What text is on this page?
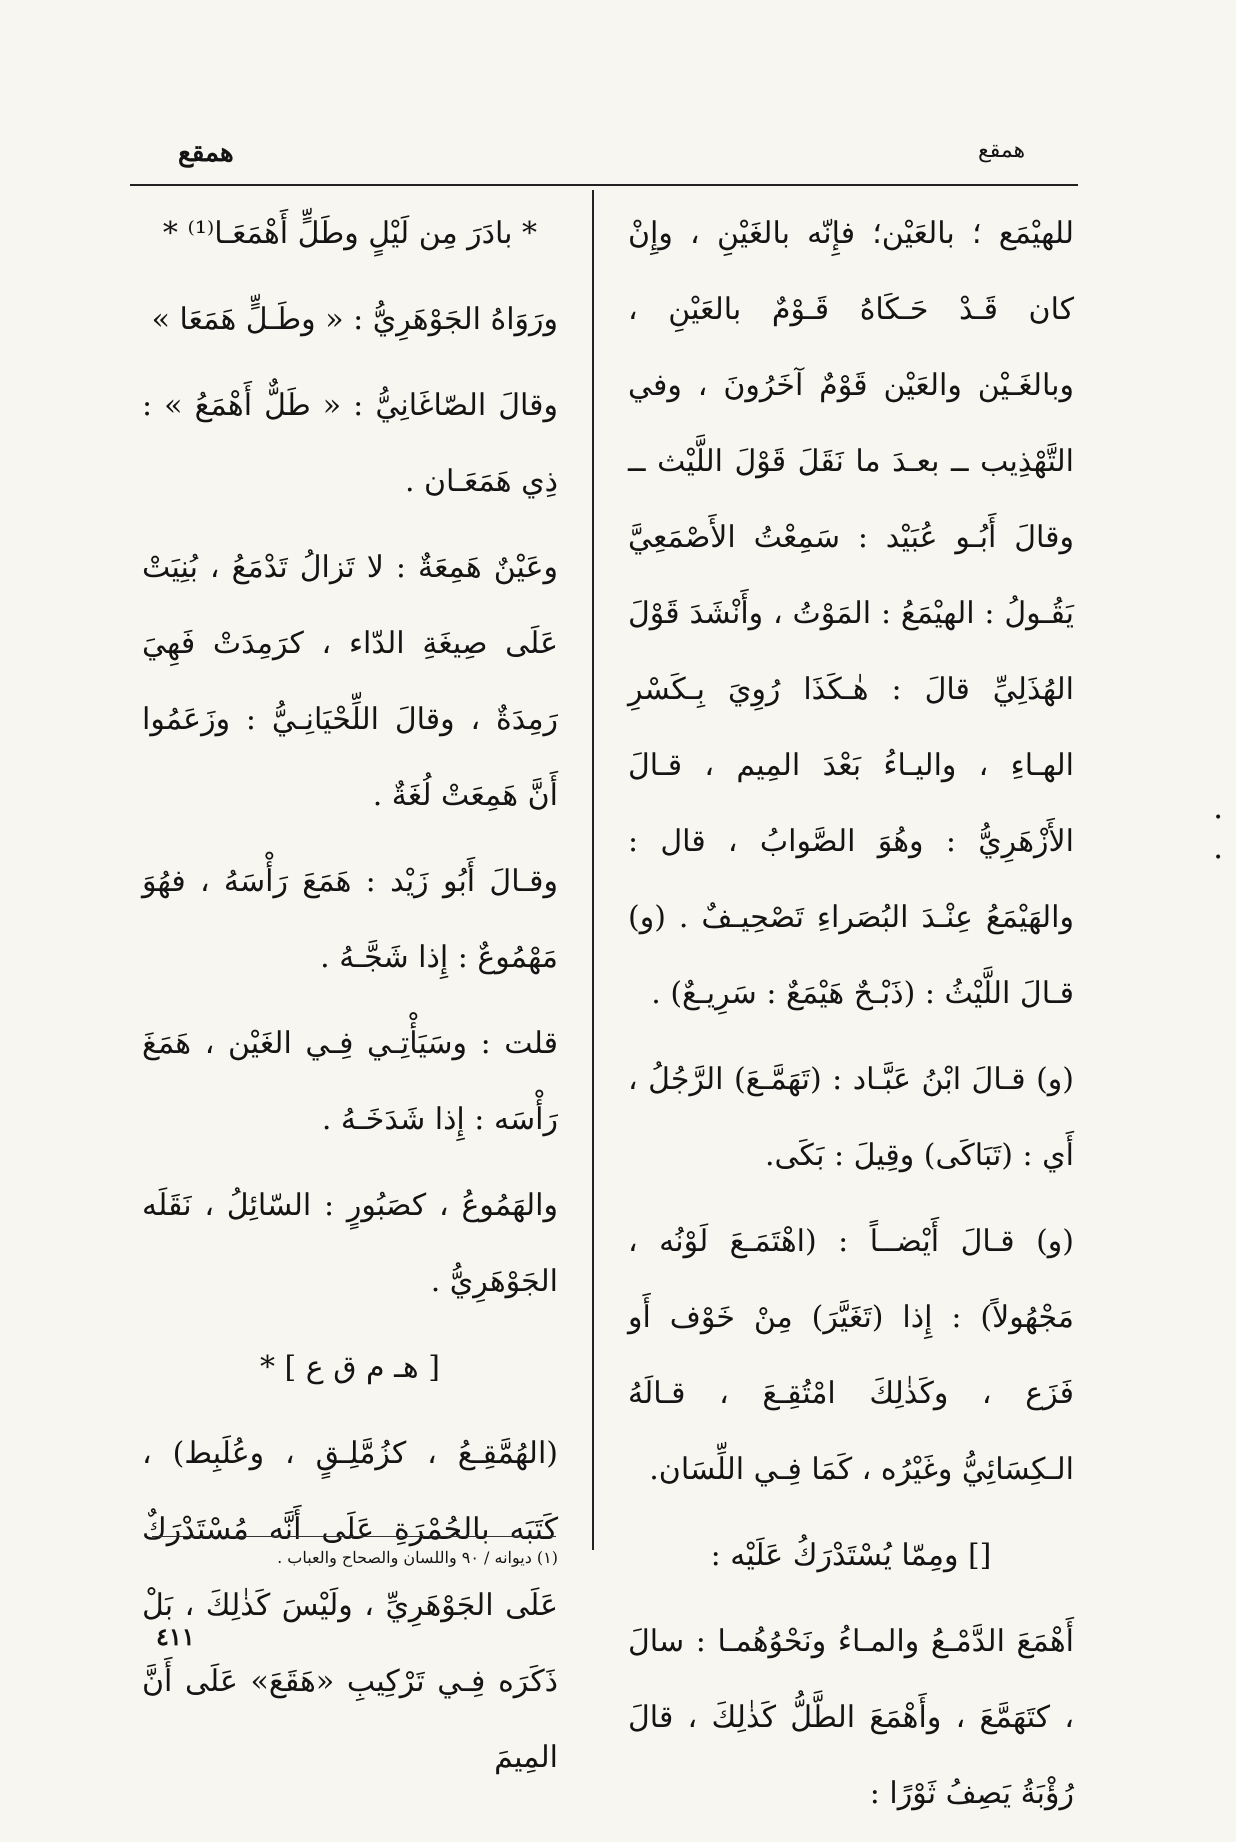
همقع	همقع

للهيْمَع ؛ بالعَيْن؛ فإِنّه بالغَيْنِ ، وإِنْ كان قَـدْ حَـكَاهُ قَـوْمٌ بالعَيْنِ ، وبالغَـيْن والعَيْن قَوْمٌ آخَرُونَ ، وفي التَّهْذِيب ــ بعـدَ ما نَقَلَ قَوْلَ اللَّيْث ــ وقالَ أَبُـو عُبَيْد : سَمِعْتُ الأَصْمَعِيَّ يَقُـولُ : الهيْمَعُ : المَوْتُ ، وأَنْشَدَ قَوْلَ الهُذَلِيِّ قالَ : هٰـكَذَا رُوِيَ بِـكَسْرِ الهـاءِ ، واليـاءُ بَعْدَ المِيم ، قـالَ الأَزْهَرِيُّ : وهُوَ الصَّوابُ ، قال : والهَيْمَعُ عِنْـدَ البُصَراءِ تَصْحِيـفٌ . (و) قـالَ اللَّيْثُ : (ذَبْـحٌ هَيْمَعٌ : سَرِيـعٌ) .

(و) قـالَ ابْنُ عَبَّـاد : (تَهَمَّـعَ) الرَّجُلُ ، أَي : (تَبَاكَى) وقِيلَ : بَكَى.

(و) قـالَ أَيْضــاً : (اهْتَمَـعَ لَوْنُه ، مَجْهُولاً) : إِذا (تَغَيَّرَ) مِنْ خَوْف أَو فَزَع ، وكَذٰلِكَ امْتُقِـعَ ، قـالَهُ الـكِسَائِيُّ وغَيْرُه ، كَمَا فِـي اللِّسَان.

[] ومِمّا يُسْتَدْرَكُ عَلَيْه :

أَهْمَعَ الدَّمْـعُ والمـاءُ ونَحْوُهُمـا : سالَ ، كتَهَمَّعَ ، وأَهْمَعَ الطَّلُّ كَذٰلِكَ ، قالَ رُؤْبَةُ يَصِفُ ثَوْرًا :

* بادَرَ مِن لَيْلٍ وطَلٍّ أَهْمَعَـا⁽¹⁾ *

ورَوَاهُ الجَوْهَرِيُّ : « وطَـلٍّ هَمَعَا »

وقالَ الصّاغَانِيُّ : « طَلٌّ أَهْمَعُ » : ذِي هَمَعَـان .

وعَيْنٌ هَمِعَةٌ : لا تَزالُ تَدْمَعُ ، بُنِيَتْ عَلَى صِيغَةِ الدّاء ، كرَمِدَتْ فَهِيَ رَمِدَةٌ ، وقالَ اللِّحْيَانِـيُّ : وزَعَمُوا أَنَّ هَمِعَتْ لُغَةٌ .

وقـالَ أَبُو زَيْد : هَمَعَ رَأْسَهُ ، فهُوَ مَهْمُوعٌ : إِذا شَجَّـهُ .

قلت : وسَيَأْتِـي فِـي الغَيْن ، هَمَغَ رَأْسَه : إِذا شَدَخَـهُ .

والهَمُوعُ ، كصَبُورٍ : السّائِلُ ، نَقَلَه الجَوْهَرِيُّ .

[ هـ م ق ع ] *

(الهُمَّقِـعُ ، كزُمَّلِـقٍ ، وعُلَبِط) ، كَتَبَه بالحُمْرَةِ عَلَى أَنَّه مُسْتَدْرَكٌ عَلَى الجَوْهَرِيِّ ، ولَيْسَ كَذٰلِكَ ، بَلْ ذَكَرَه فِـي تَرْكِيبِ «هَقَعَ» عَلَى أَنَّ المِيمَ

(١) ديوانه / ٩٠ واللسان والصحاح والعباب .
٤١١
•
•
